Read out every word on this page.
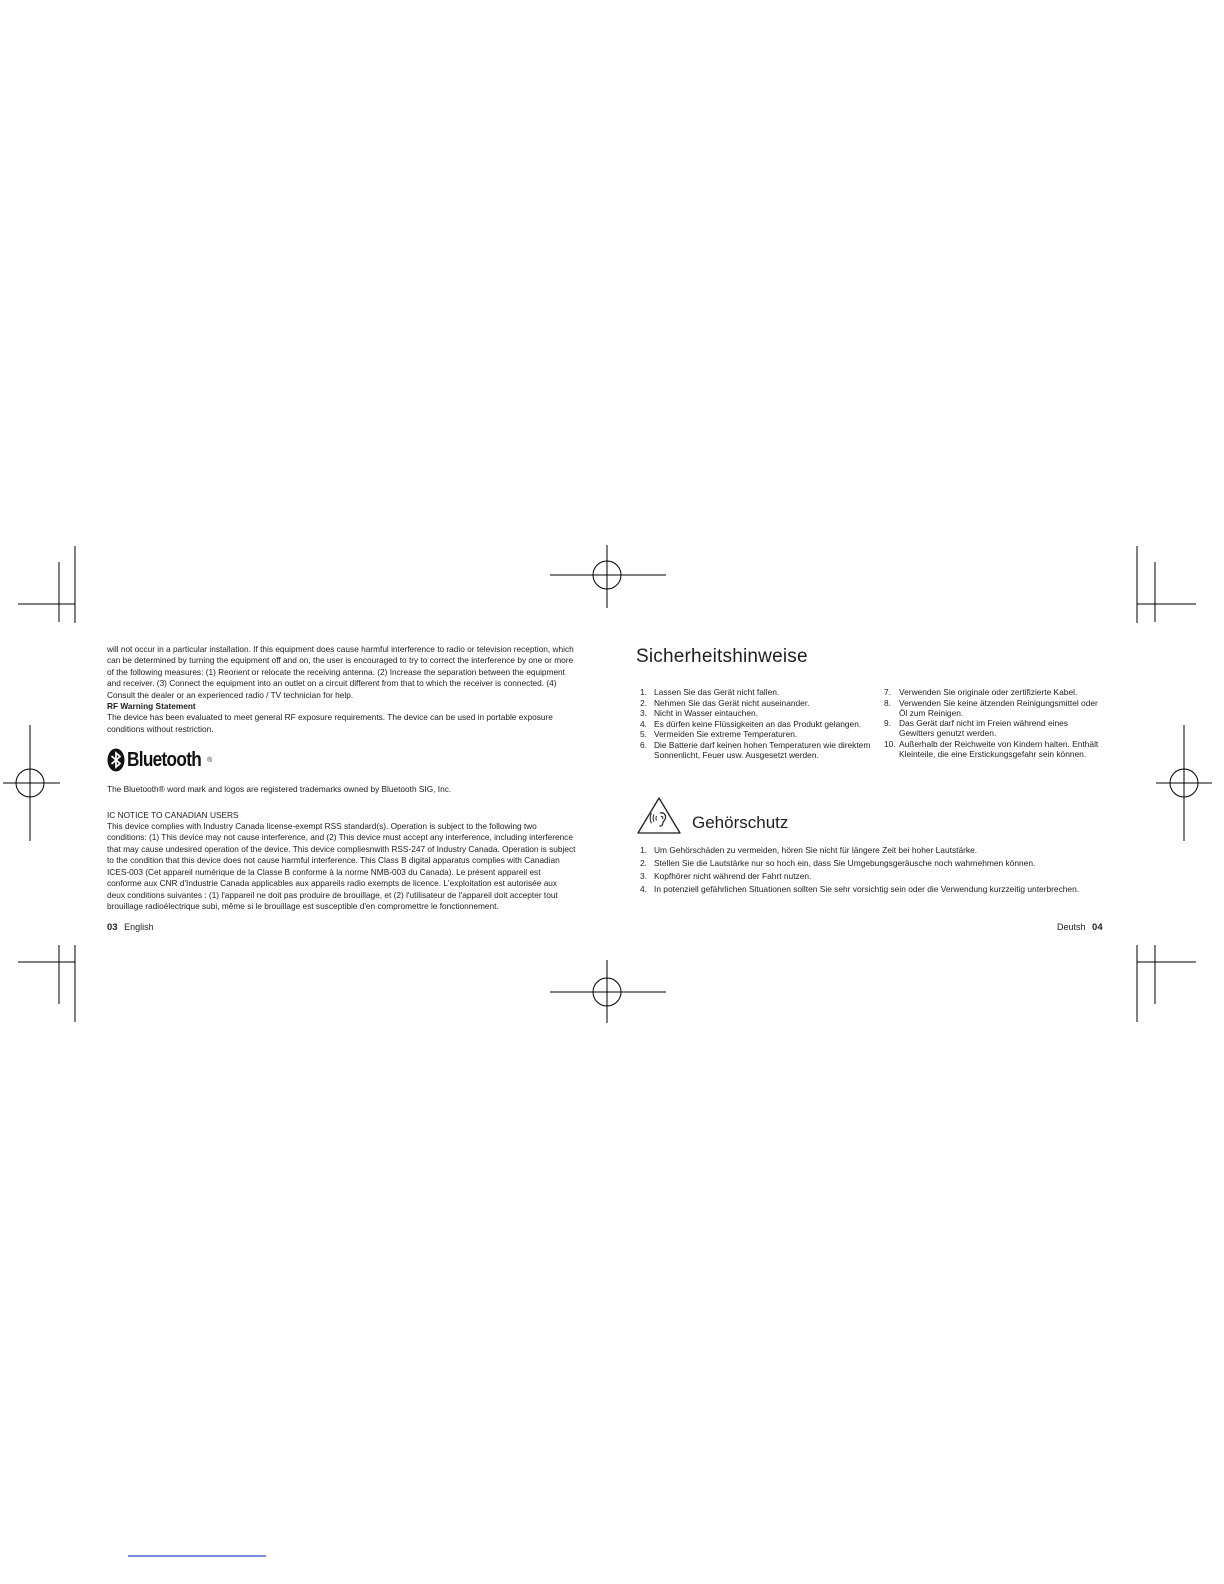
will not occur in a particular installation. If this equipment does cause harmful interference to radio or television reception, which can be determined by turning the equipment off and on, the user is encouraged to try to correct the interference by one or more of the following measures: (1) Reorient or relocate the receiving antenna. (2) Increase the separation between the equipment and receiver. (3) Connect the equipment into an outlet on a circuit different from that to which the receiver is connected. (4) Consult the dealer or an experienced radio / TV technician for help.

RF Warning Statement

The device has been evaluated to meet general RF exposure requirements. The device can be used in portable exposure conditions without restriction.

Bluetooth ®

The Bluetooth® word mark and logos are registered trademarks owned by Bluetooth SIG, Inc.

IC NOTICE TO CANADIAN USERS

This device complies with Industry Canada license-exempt RSS standard(s). Operation is subject to the following two conditions: (1) This device may not cause interference, and (2) This device must accept any interference, including interference that may cause undesired operation of the device. This device compliesnwith RSS-247 of Industry Canada. Operation is subject to the condition that this device does not cause harmful interference. This Class B digital apparatus complies with Canadian ICES-003 (Cet appareil numérique de la Classe B conforme à la norme NMB-003 du Canada). Le présent appareil est conforme aux CNR d'Industrie Canada applicables aux appareils radio exempts de licence. L'exploitation est autorisée aux deux conditions suivantes : (1) l'appareil ne doit pas produire de brouillage, et (2) l'utilisateur de l'appareil doit accepter tout brouillage radioélectrique subi, même si le brouillage est susceptible d'en compromettre le fonctionnement.

03 English
Sicherheitshinweise
1. Lassen Sie das Gerät nicht fallen.
2. Nehmen Sie das Gerät nicht auseinander.
3. Nicht in Wasser eintauchen.
4. Es dürfen keine Flüssigkeiten an das Produkt gelangen.
5. Vermeiden Sie extreme Temperaturen.
6. Die Batterie darf keinen hohen Temperaturen wie direktem Sonnenlicht, Feuer usw. Ausgesetzt werden.
7. Verwenden Sie originale oder zertifizierte Kabel.
8. Verwenden Sie keine ätzenden Reinigungsmittel oder Öl zum Reinigen.
9. Das Gerät darf nicht im Freien während eines Gewitters genutzt werden.
10. Außerhalb der Reichweite von Kindern halten. Enthält Kleinteile, die eine Erstickungsgefahr sein können.
Gehörschutz
1. Um Gehörschäden zu vermeiden, hören Sie nicht für längere Zeit bei hoher Lautstärke.
2. Stellen Sie die Lautstärke nur so hoch ein, dass Sie Umgebungsgeräusche noch wahrnehmen können.
3. Kopfhörer nicht während der Fahrt nutzen.
4. In potenziell gefährlichen Situationen sollten Sie sehr vorsichtig sein oder die Verwendung kurzzeitig unterbrechen.
Deutsh 04
